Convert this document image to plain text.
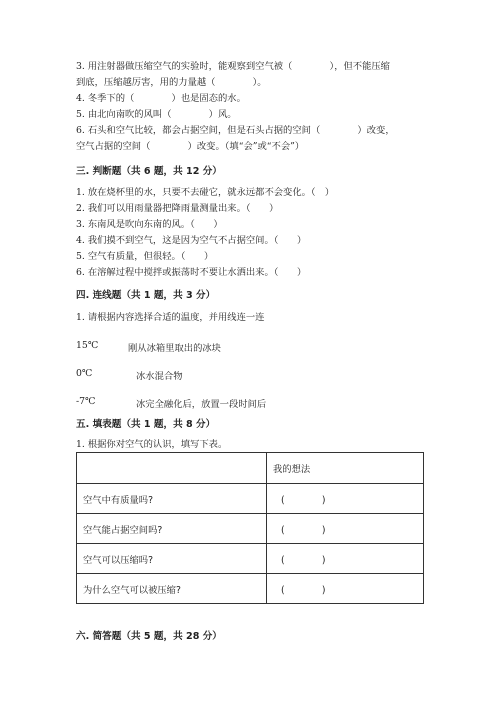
3. 用注射器做压缩空气的实验时，能观察到空气被（　　　　），但不能压缩
到底，压缩越厉害，用的力量越（　　　　）。
4. 冬季下的（　　　　）也是固态的水。
5. 由北向南吹的风叫（　　　　）风。
6. 石头和空气比较，都会占据空间，但是石头占据的空间（　　　　）改变，
空气占据的空间（　　　　）改变。（填“会”或“不会”）
三. 判断题（共 6 题，共 12 分）
1. 放在烧杯里的水，只要不去碰它，就永远都不会变化。（　）
2. 我们可以用雨量器把降雨量测量出来。（　　）
3. 东南风是吹向东南的风。（　　）
4. 我们摸不到空气，这是因为空气不占据空间。（　　）
5. 空气有质量，但很轻。（　　）
6. 在溶解过程中搅拌或振荡时不要让水洒出来。（　　）
四. 连线题（共 1 题，共 3 分）
1. 请根据内容选择合适的温度，并用线连一连
15℃	刚从冰箱里取出的冰块
0℃	冰水混合物
-7℃	冰完全融化后，放置一段时间后
五. 填表题（共 1 题，共 8 分）
1. 根据你对空气的认识，填写下表。
	我的想法
空气中有质量吗?	(　　　　)
空气能占据空间吗?	(　　　　)
空气可以压缩吗?	(　　　　)
为什么空气可以被压缩?	(　　　　)
六. 简答题（共 5 题，共 28 分）
